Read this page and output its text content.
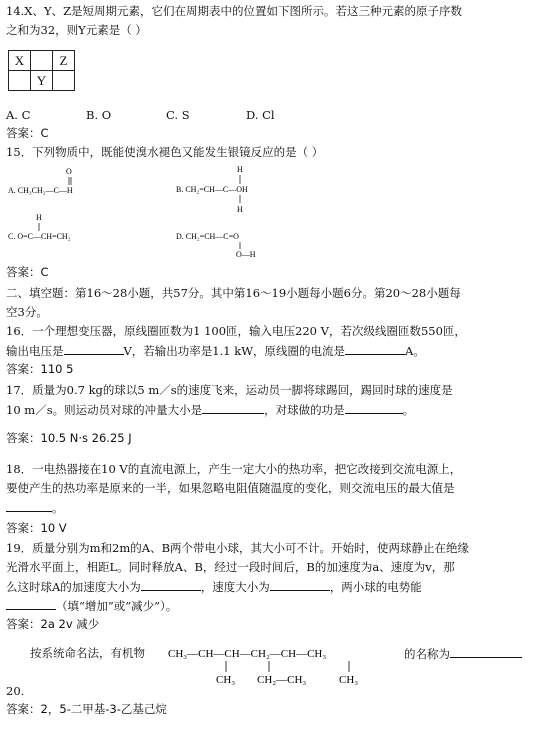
14.X、Y、Z是短周期元素，它们在周期表中的位置如下图所示。若这三种元素的原子序数
之和为32，则Y元素是（ ）
X		Z
	Y	
A. C	B. O	C. S	D. Cl
答案：C
15．下列物质中，既能使溴水褪色又能发生银镜反应的是（ ）
O
A. CH₃CH₂—C—H
H
B. CH₂=CH—C—OH
H
H
C. O=C—CH=CH₂	D. CH₂=CH—C=O
O—H
答案：C
二、填空题：第16～28小题，共57分。其中第16～19小题每小题6分。第20～28小题每
空3分。
16．一个理想变压器，原线圈匝数为1 100匝，输入电压220 V，若次级线圈匝数550匝，
输出电压是	V，若输出功率是1.1 kW，原线圈的电流是	A。
答案：110 5
17．质量为0.7 kg的球以5 m／s的速度飞来，运动员一脚将球踢回，踢回时球的速度是
10 m／s。则运动员对球的冲量大小是	，对球做的功是	。
答案：10.5 N·s 26.25 J
18．一电热器接在10 V的直流电源上，产生一定大小的热功率，把它改接到交流电源上，
要使产生的热功率是原来的一半，如果忽略电阻值随温度的变化，则交流电压的最大值是
。
答案：10 V
19．质量分别为m和2m的A、B两个带电小球，其大小可不计。开始时，使两球静止在绝缘
光滑水平面上，相距L。同时释放A、B，经过一段时间后，B的加速度为a、速度为v，那
么这时球A的加速度大小为	，速度大小为	，两小球的电势能
（填“增加”或“减少”）。
答案：2a 2v 减少
按系统命名法，有机物 CH₃—CH—CH—CH₂—CH—CH₃
CH₃ CH₂—CH₃	CH₃
的名称为
20.
答案：2，5-二甲基-3-乙基己烷
